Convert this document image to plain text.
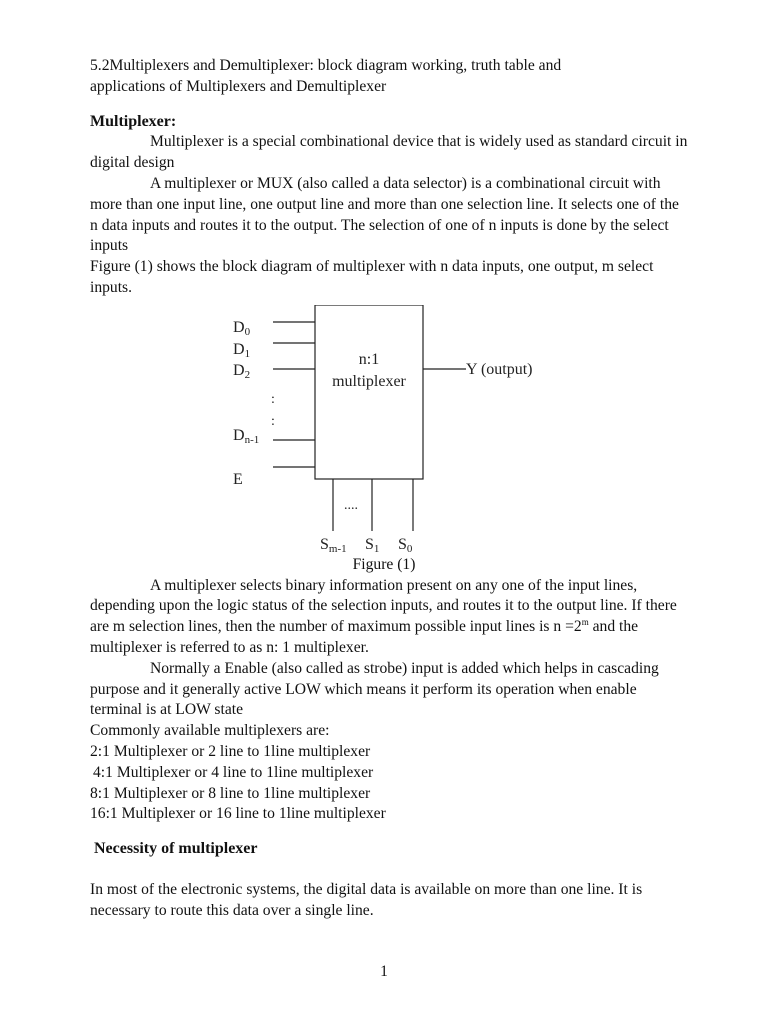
5.2Multiplexers and Demultiplexer: block diagram working, truth table and

applications of Multiplexers and Demultiplexer

Multiplexer:

Multiplexer is a special combinational device that is widely used as standard circuit in digital design

A multiplexer or MUX (also called a data selector) is a combinational circuit with more than one input line, one output line and more than one selection line. It selects one of the n data inputs and routes it to the output. The selection of one of n inputs is done by the select inputs

Figure (1) shows the block diagram of multiplexer with n data inputs, one output, m select inputs.

D0
D1
D2
Dn-1
E
:
:
n:1
multiplexer
Y (output)
....
Sm-1 S1 S0

Figure (1)

A multiplexer selects binary information present on any one of the input lines, depending upon the logic status of the selection inputs, and routes it to the output line. If there are m selection lines, then the number of maximum possible input lines is $n =2^m$ and the multiplexer is referred to as n: 1 multiplexer.

Normally a Enable (also called as strobe) input is added which helps in cascading purpose and it generally active LOW which means it perform its operation when enable terminal is at LOW state

Commonly available multiplexers are:

2:1 Multiplexer or 2 line to 1line multiplexer

4:1 Multiplexer or 4 line to 1line multiplexer

8:1 Multiplexer or 8 line to 1line multiplexer

16:1 Multiplexer or 16 line to 1line multiplexer

Necessity of multiplexer

In most of the electronic systems, the digital data is available on more than one line. It is necessary to route this data over a single line.

1
